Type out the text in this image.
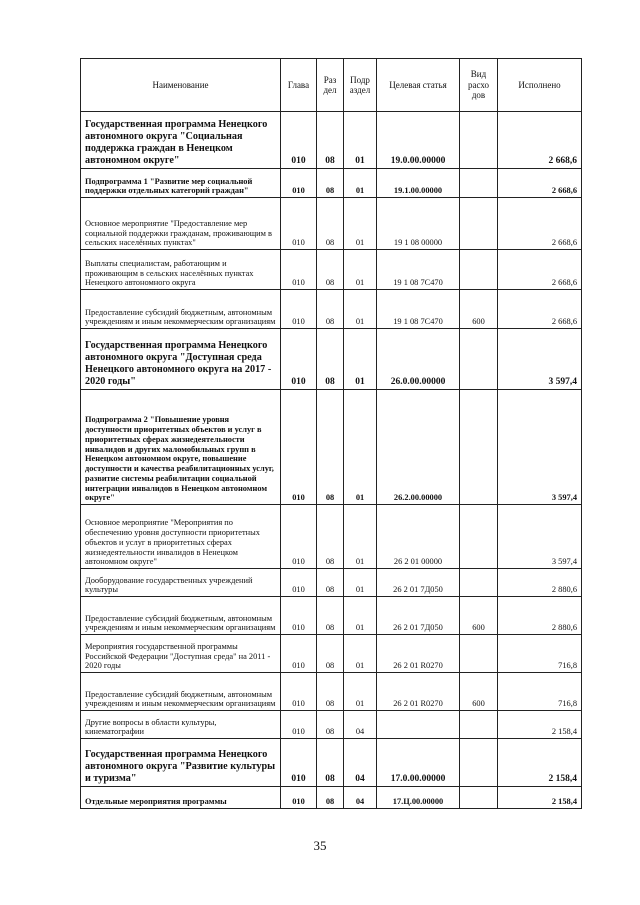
Наименование	Глава	Раз дел	Подр аздел	Целевая статья	Вид расхо дов	Исполнено
Государственная программа Ненецкого автономного округа "Социальная поддержка граждан в Ненецком автономном округе"	010	08	01	19.0.00.00000		2 668,6
Подпрограмма 1 "Развитие мер социальной поддержки отдельных категорий граждан"	010	08	01	19.1.00.00000		2 668,6
Основное мероприятие "Предоставление мер социальной поддержки гражданам, проживающим в сельских населённых пунктах"	010	08	01	19 1 08 00000		2 668,6
Выплаты специалистам, работающим и проживающим в сельских населённых пунктах Ненецкого автономного округа	010	08	01	19 1 08 7С470		2 668,6
Предоставление субсидий бюджетным, автономным учреждениям и иным некоммерческим организациям	010	08	01	19 1 08 7С470	600	2 668,6
Государственная программа Ненецкого автономного округа "Доступная среда Ненецкого автономного округа на 2017 - 2020 годы"	010	08	01	26.0.00.00000		3 597,4
Подпрограмма 2 "Повышение уровня доступности приоритетных объектов и услуг в приоритетных сферах жизнедеятельности инвалидов и других маломобильных групп в Ненецком автономном округе, повышение доступности и качества реабилитационных услуг, развитие системы реабилитации социальной интеграции инвалидов в Ненецком автономном округе"	010	08	01	26.2.00.00000		3 597,4
Основное мероприятие "Мероприятия по обеспечению уровня доступности приоритетных объектов и услуг в приоритетных сферах жизнедеятельности инвалидов в Ненецком автономном округе"	010	08	01	26 2 01 00000		3 597,4
Дооборудование государственных учреждений культуры	010	08	01	26 2 01 7Д050		2 880,6
Предоставление субсидий бюджетным, автономным учреждениям и иным некоммерческим организациям	010	08	01	26 2 01 7Д050	600	2 880,6
Мероприятия государственной программы Российской Федерации "Доступная среда" на 2011 - 2020 годы	010	08	01	26 2 01 R0270		716,8
Предоставление субсидий бюджетным, автономным учреждениям и иным некоммерческим организациям	010	08	01	26 2 01 R0270	600	716,8
Другие вопросы в области культуры, кинематографии	010	08	04			2 158,4
Государственная программа Ненецкого автономного округа "Развитие культуры и туризма"	010	08	04	17.0.00.00000		2 158,4
Отдельные мероприятия программы	010	08	04	17.Ц.00.00000		2 158,4
35
